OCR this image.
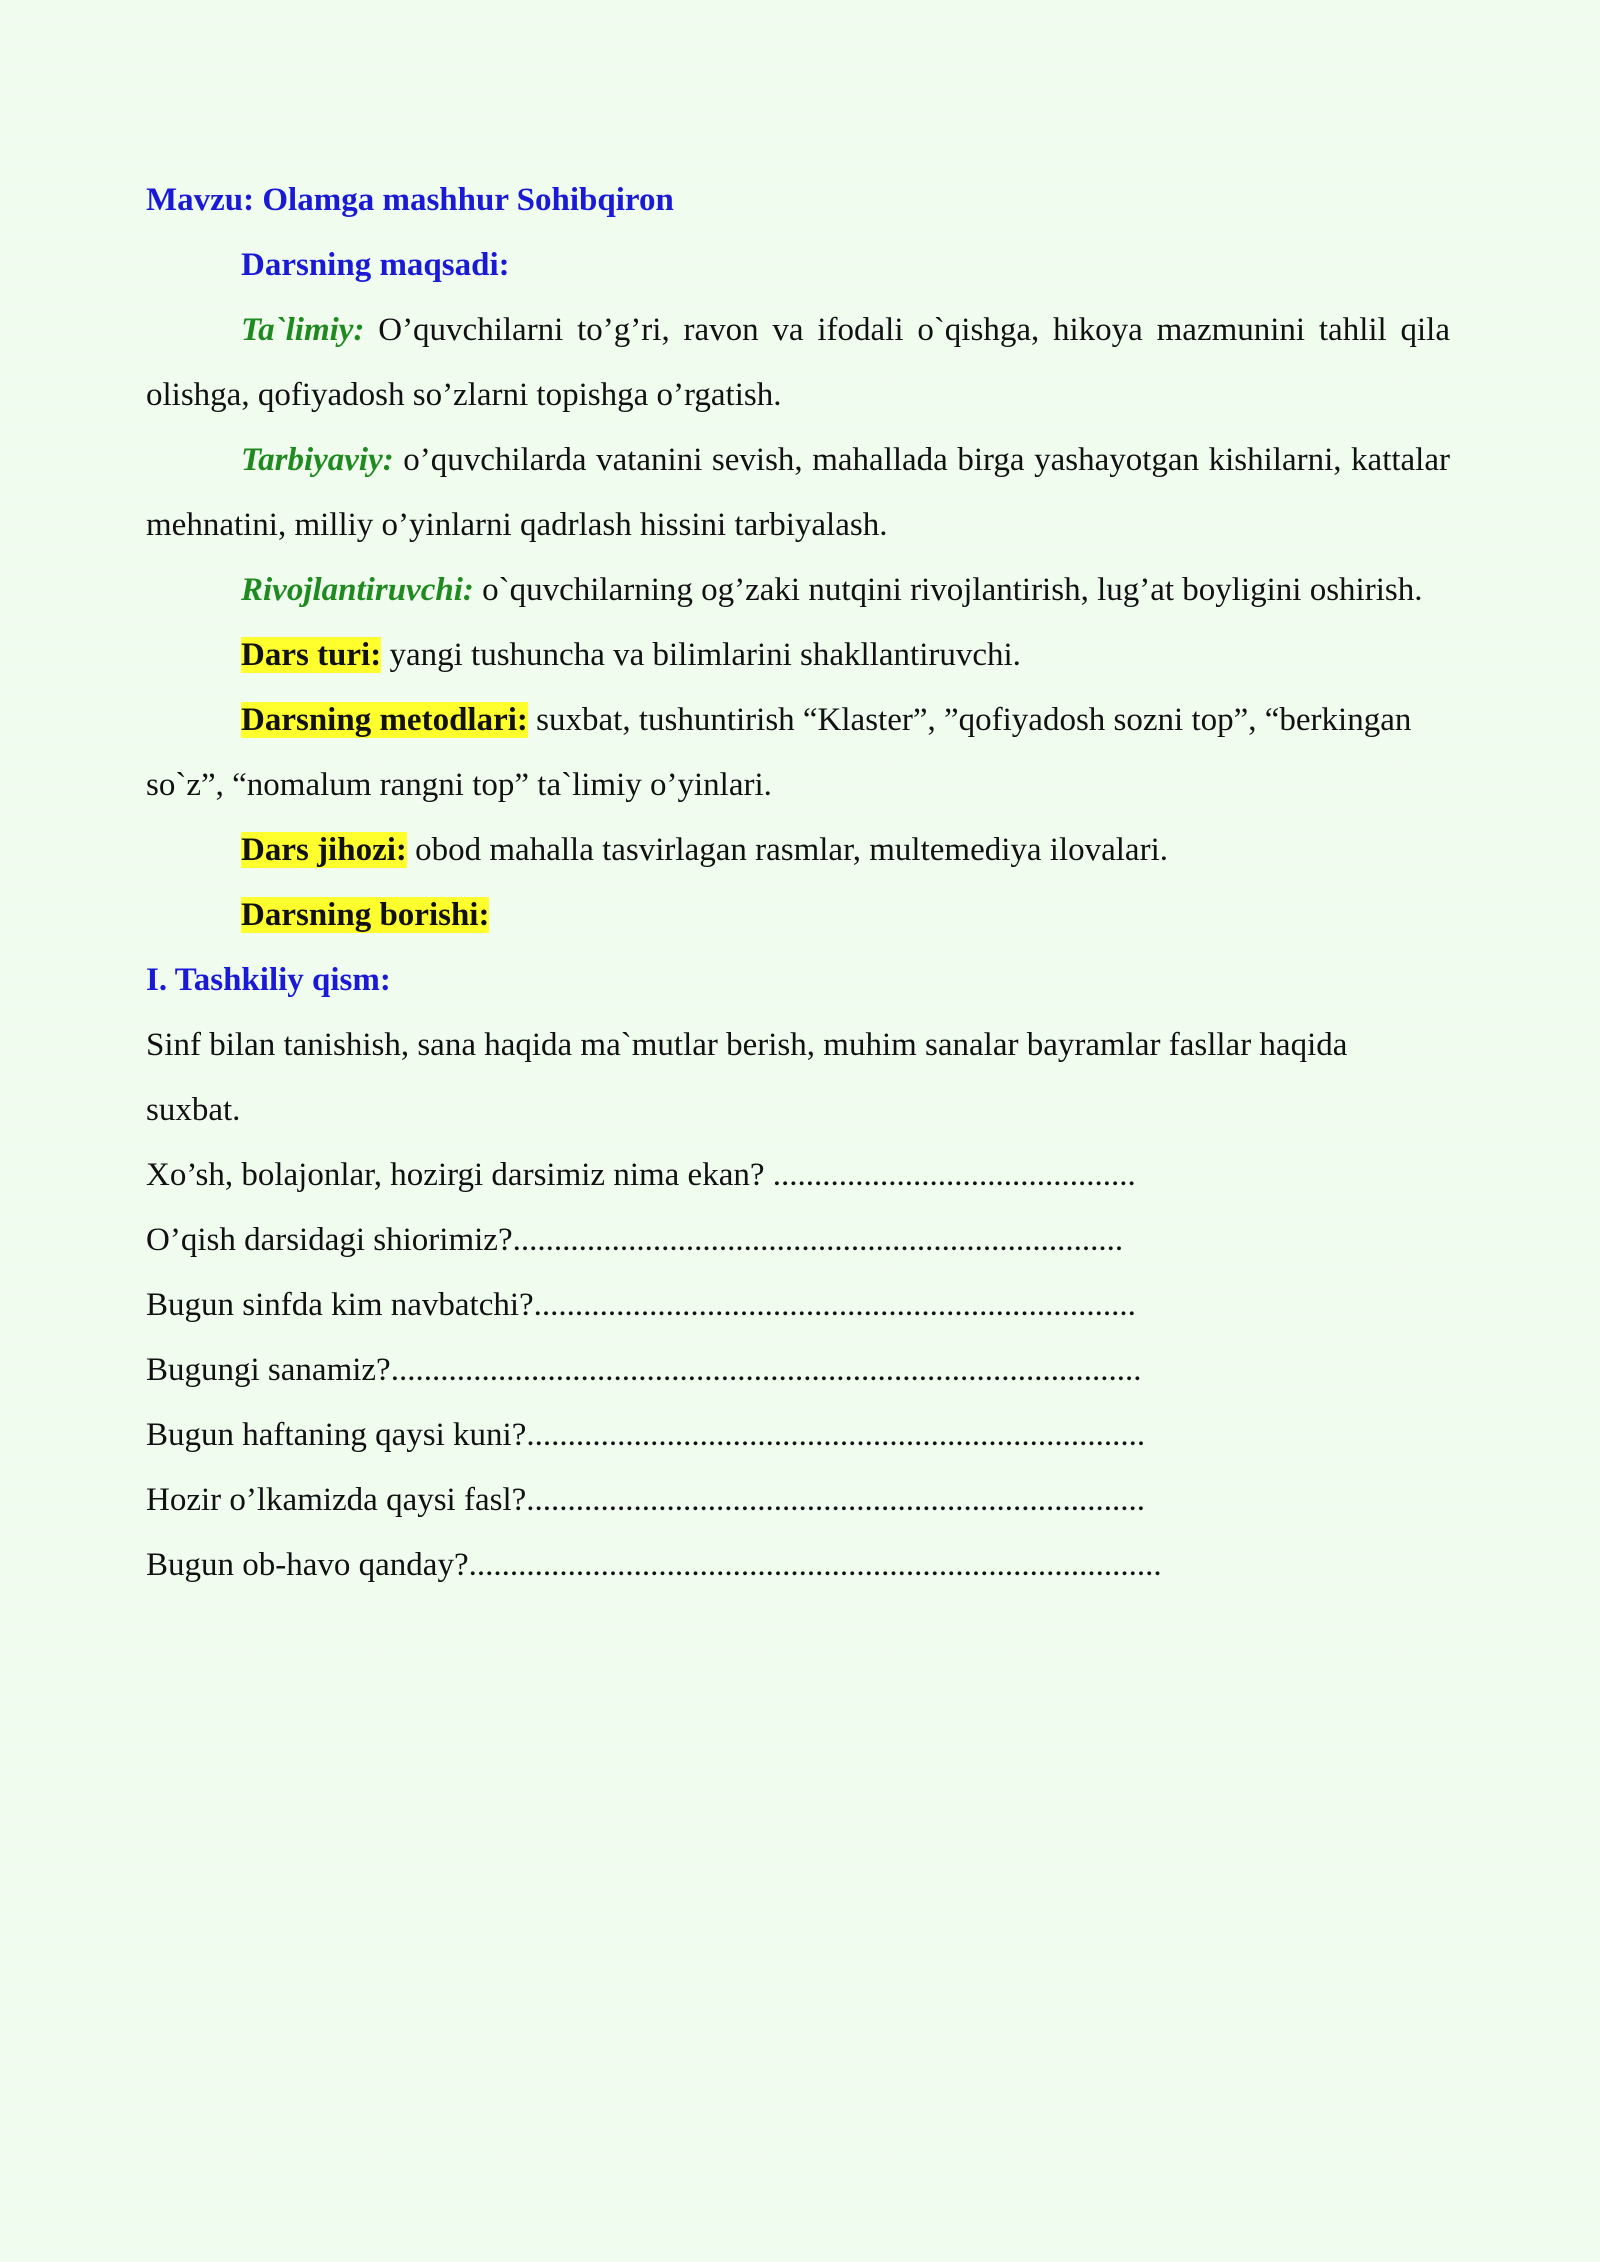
Mavzu: Olamga mashhur Sohibqiron

Darsning maqsadi:

Ta`limiy: O’quvchilarni to’g’ri, ravon va ifodali o`qishga, hikoya mazmunini tahlil qila olishga, qofiyadosh so’zlarni topishga o’rgatish.

Tarbiyaviy: o’quvchilarda vatanini sevish, mahallada birga yashayotgan kishilarni, kattalar mehnatini, milliy o’yinlarni qadrlash hissini tarbiyalash.

Rivojlantiruvchi: o`quvchilarning og’zaki nutqini rivojlantirish, lug’at boyligini oshirish.

Dars turi: yangi tushuncha va bilimlarini shakllantiruvchi.

Darsning metodlari: suxbat, tushuntirish “Klaster”, ”qofiyadosh sozni top”, “berkingan so`z”, “nomalum rangni top” ta`limiy o’yinlari.

Dars jihozi: obod mahalla tasvirlagan rasmlar, multemediya ilovalari.

Darsning borishi:

I. Tashkiliy qism:

Sinf bilan tanishish, sana haqida ma`mutlar berish, muhim sanalar bayramlar fasllar haqida suxbat.

Xo’sh, bolajonlar, hozirgi darsimiz nima ekan? ............................................

O’qish darsidagi shiorimiz?..........................................................................

Bugun sinfda kim navbatchi?.........................................................................

Bugungi sanamiz?...........................................................................................

Bugun haftaning qaysi kuni?...........................................................................

Hozir o’lkamizda qaysi fasl?...........................................................................

Bugun ob-havo qanday?....................................................................................
